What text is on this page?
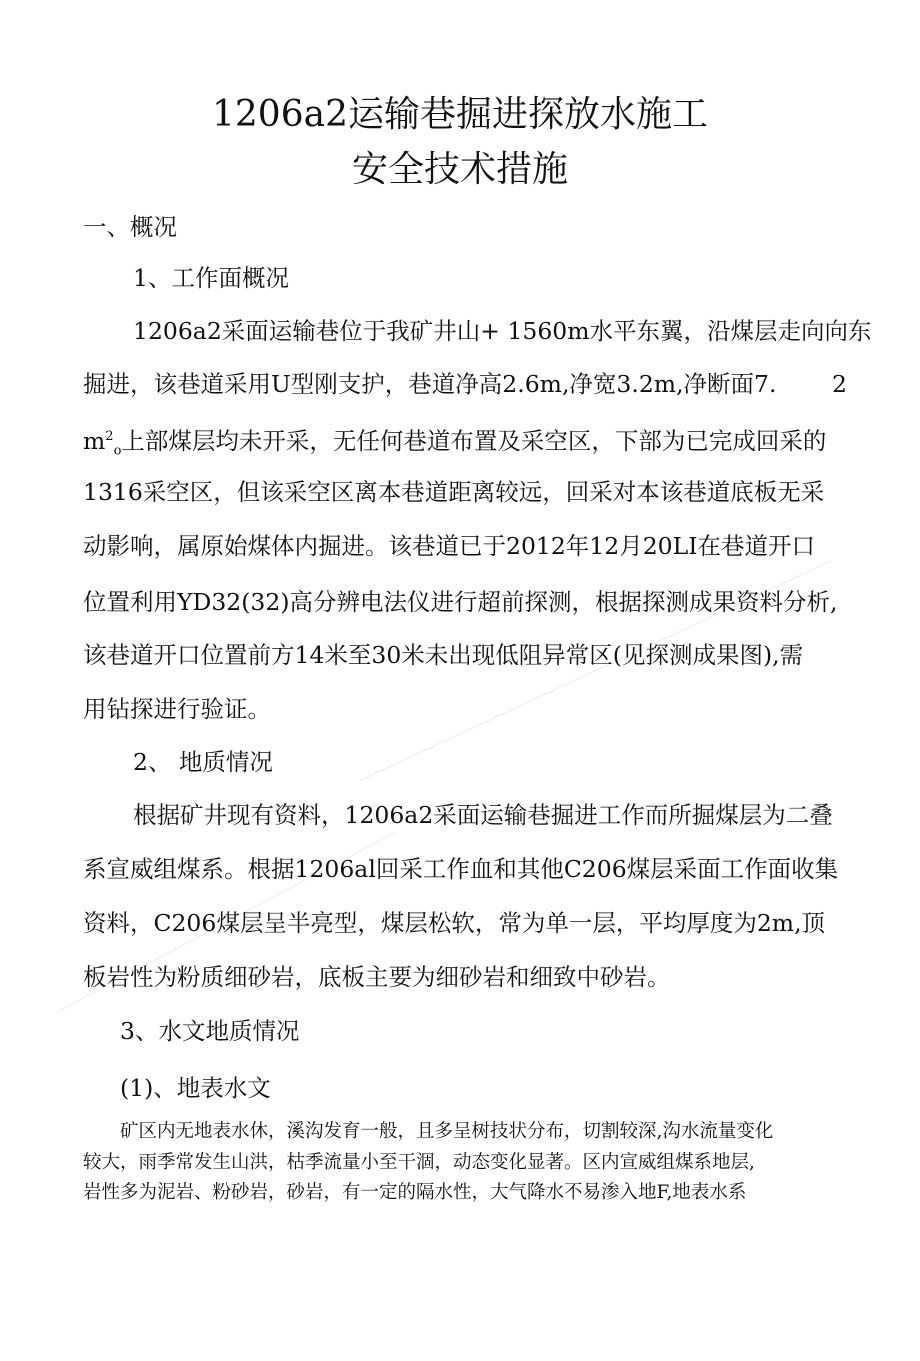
1206a2运输巷掘进探放水施工
安全技术措施
一、概况
1、工作面概况
1206a2采面运输巷位于我矿井山+ 1560m水平东翼，沿煤层走向向东
掘进，该巷道采用U型刚支护，巷道净高2.6m,净宽3.2m,净断面7. 2
$m^2_o$上部煤层均未开采，无任何巷道布置及采空区，下部为已完成回采的
1316采空区，但该采空区离本巷道距离较远，回采对本该巷道底板无采
动影响，属原始煤体内掘进。该巷道已于2012年12月20LI在巷道开口
位置利用YD32(32)高分辨电法仪进行超前探测，根据探测成果资料分析,
该巷道开口位置前方14米至30米未出现低阻异常区(见探测成果图),需
用钻探进行验证。
2、 地质情况
根据矿井现有资料，1206a2采面运输巷掘进工作而所掘煤层为二叠
系宣威组煤系。根据1206al回采工作血和其他C206煤层采面工作面收集
资料，C206煤层呈半亮型，煤层松软，常为单一层，平均厚度为2m,顶
板岩性为粉质细砂岩，底板主要为细砂岩和细致中砂岩。
3、水文地质情况
(1)、地表水文
矿区内无地表水休，溪沟发育一般，且多呈树技状分布，切割较深,沟水流量变化
较大，雨季常发生山洪，枯季流量小至干涸，动态变化显著。区内宣威组煤系地层,
岩性多为泥岩、粉砂岩，砂岩，有一定的隔水性，大气降水不易渗入地F,地表水系
